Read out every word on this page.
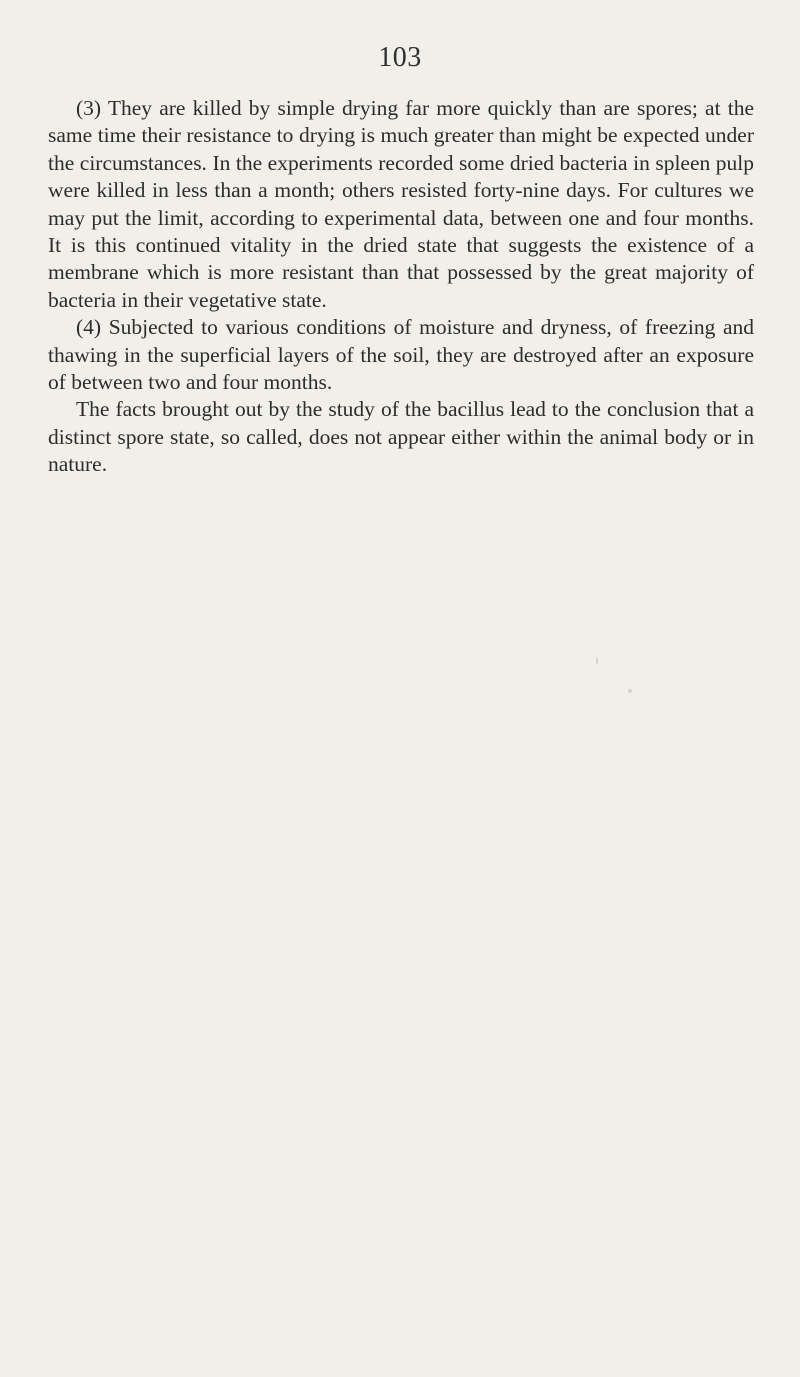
103

(3) They are killed by simple drying far more quickly than are spores; at the same time their resistance to drying is much greater than might be expected under the circumstances. In the experiments recorded some dried bacteria in spleen pulp were killed in less than a month; others resisted forty-nine days. For cultures we may put the limit, according to experimental data, between one and four months. It is this continued vitality in the dried state that suggests the existence of a membrane which is more resistant than that possessed by the great majority of bacteria in their vegetative state.

(4) Subjected to various conditions of moisture and dryness, of freezing and thawing in the superficial layers of the soil, they are destroyed after an exposure of between two and four months.

The facts brought out by the study of the bacillus lead to the conclusion that a distinct spore state, so called, does not appear either within the animal body or in nature.
